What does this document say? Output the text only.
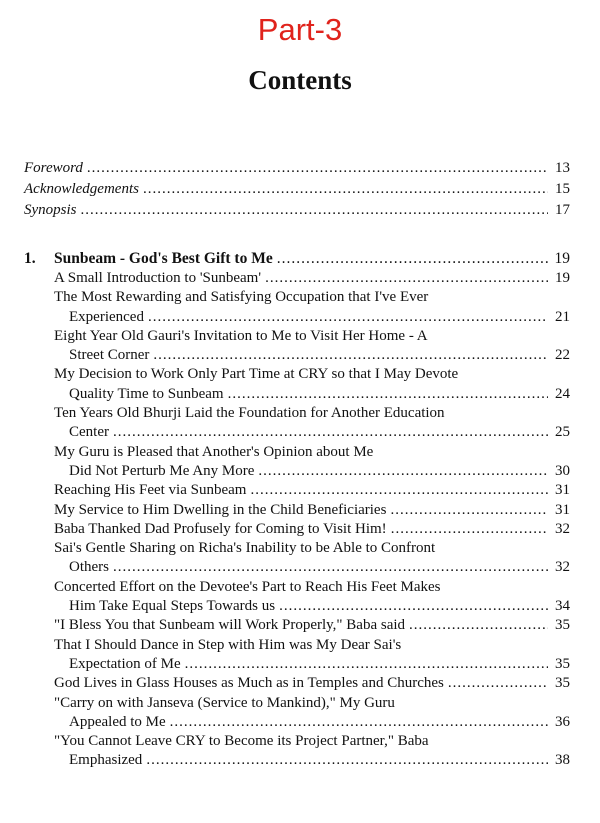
Part-3
Contents
Foreword .....	13
Acknowledgements .....	15
Synopsis .....	17
1.	Sunbeam - God's Best Gift to Me .....	19
A Small Introduction to 'Sunbeam' .....	19
The Most Rewarding and Satisfying Occupation that I've Ever
Experienced .....	21
Eight Year Old Gauri's Invitation to Me to Visit Her Home - A
Street Corner .....	22
My Decision to Work Only Part Time at CRY so that I May Devote
Quality Time to Sunbeam .....	24
Ten Years Old Bhurji Laid the Foundation for Another Education
Center .....	25
My Guru is Pleased that Another's Opinion about Me
Did Not Perturb Me Any More .....	30
Reaching His Feet via Sunbeam .....	31
My Service to Him Dwelling in the Child Beneficiaries .....	31
Baba Thanked Dad Profusely for Coming to Visit Him! .....	32
Sai's Gentle Sharing on Richa's Inability to be Able to Confront
Others .....	32
Concerted Effort on the Devotee's Part to Reach His Feet Makes
Him Take Equal Steps Towards us .....	34
"I Bless You that Sunbeam will Work Properly," Baba said .....	35
That I Should Dance in Step with Him was My Dear Sai's
Expectation of Me .....	35
God Lives in Glass Houses as Much as in Temples and Churches .....	35
"Carry on with Janseva (Service to Mankind)," My Guru
Appealed to Me .....	36
"You Cannot Leave CRY to Become its Project Partner," Baba
Emphasized .....	38
